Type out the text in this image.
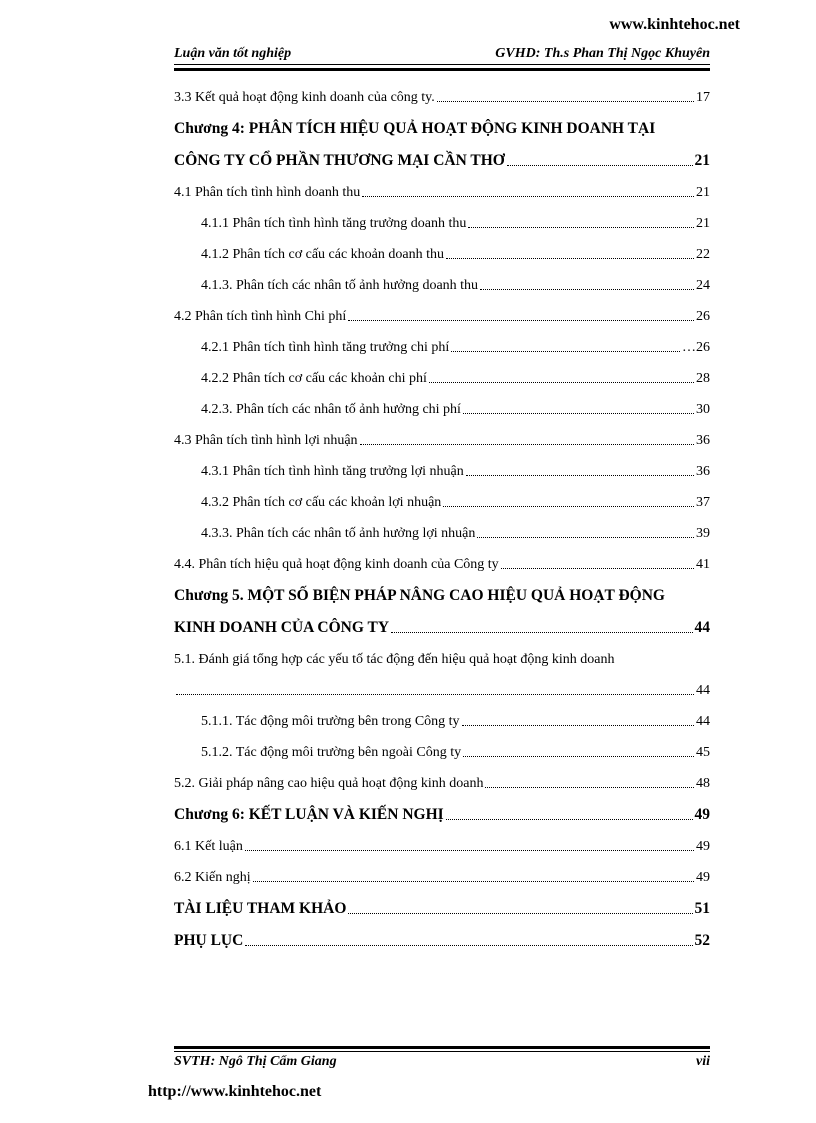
www.kinhtehoc.net
Luận văn tốt nghiệp	GVHD: Th.s Phan Thị Ngọc Khuyên

3.3 Kết quả hoạt động kinh doanh của công ty.	17
Chương 4: PHÂN TÍCH HIỆU QUẢ HOẠT ĐỘNG KINH DOANH TẠI
CÔNG TY CỔ PHẦN THƯƠNG MẠI CẦN THƠ	21
4.1 Phân tích tình hình doanh thu	21
4.1.1 Phân tích tình hình tăng trưởng doanh thu	21
4.1.2 Phân tích cơ cấu các khoản doanh thu	22
4.1.3. Phân tích các nhân tố ảnh hưởng doanh thu	24
4.2 Phân tích tình hình Chi phí	26
4.2.1 Phân tích tình hình tăng trưởng chi phí	…26
4.2.2 Phân tích cơ cấu các khoản chi phí	28
4.2.3. Phân tích các nhân tố ảnh hưởng chi phí	30
4.3 Phân tích tình hình lợi nhuận	36
4.3.1 Phân tích tình hình tăng trưởng lợi nhuận	36
4.3.2 Phân tích cơ cấu các khoản lợi nhuận	37
4.3.3. Phân tích các nhân tố ảnh hưởng lợi nhuận	39
4.4. Phân tích hiệu quả hoạt động kinh doanh của Công ty	41
Chương 5. MỘT SỐ BIỆN PHÁP NÂNG CAO HIỆU QUẢ HOẠT ĐỘNG
KINH DOANH CỦA CÔNG TY	44
5.1. Đánh giá tổng hợp các yếu tố tác động đến hiệu quả hoạt động kinh doanh
44
5.1.1. Tác động môi trường bên trong Công ty	44
5.1.2. Tác động môi trường bên ngoài Công ty	45
5.2. Giải pháp nâng cao hiệu quả hoạt động kinh doanh	48
Chương 6: KẾT LUẬN VÀ KIẾN NGHỊ	49
6.1 Kết luận	49
6.2 Kiến nghị	49
TÀI LIỆU THAM KHẢO	51
PHỤ LỤC	52
SVTH: Ngô Thị Cẩm Giang	vii
http://www.kinhtehoc.net
